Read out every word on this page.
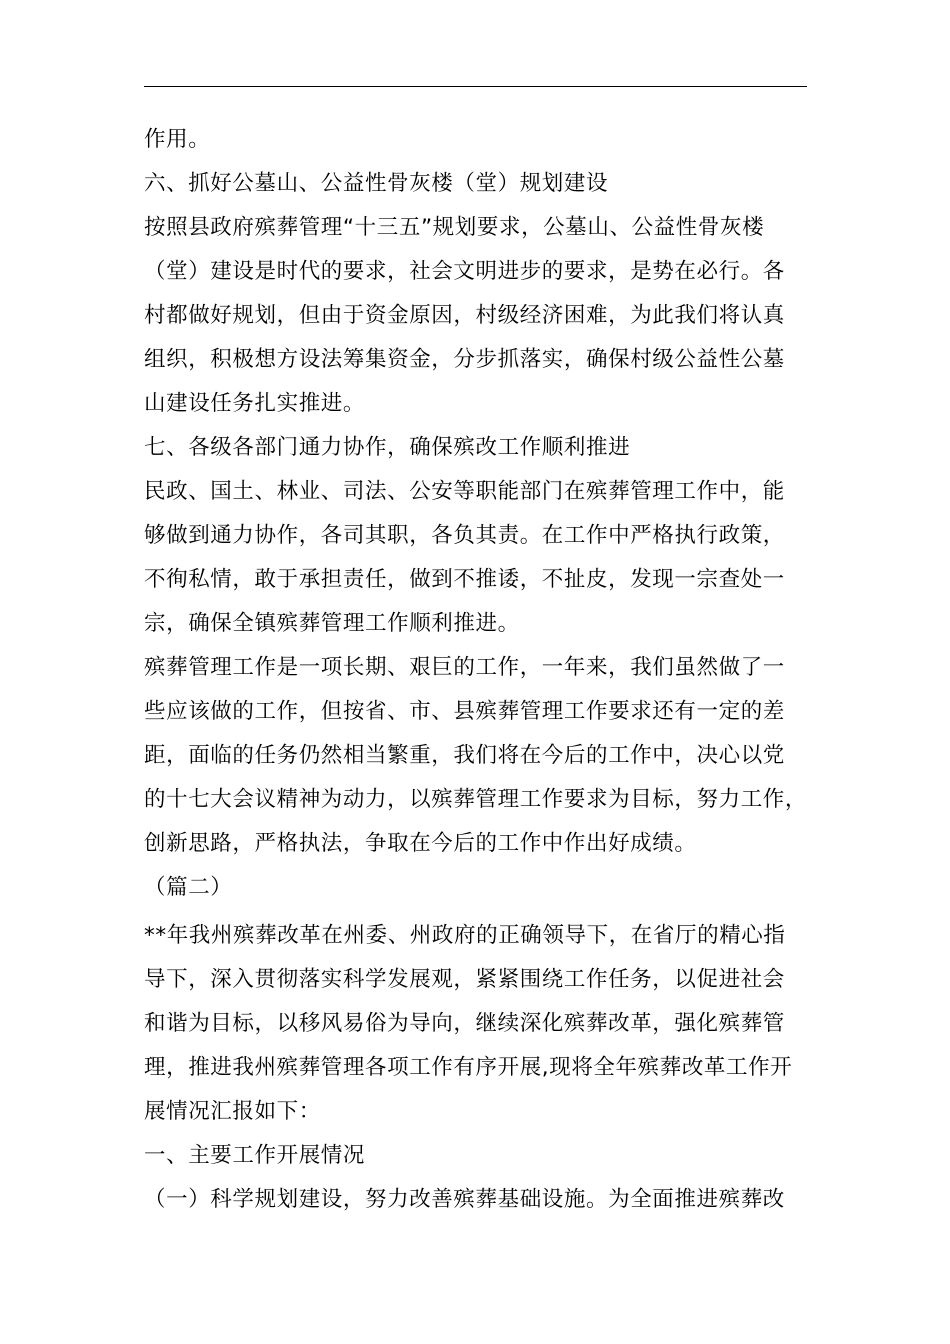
作用。
六、抓好公墓山、公益性骨灰楼（堂）规划建设
按照县政府殡葬管理“十三五”规划要求，公墓山、公益性骨灰楼
（堂）建设是时代的要求，社会文明进步的要求，是势在必行。各
村都做好规划，但由于资金原因，村级经济困难，为此我们将认真
组织，积极想方设法筹集资金，分步抓落实，确保村级公益性公墓
山建设任务扎实推进。
七、各级各部门通力协作，确保殡改工作顺利推进
民政、国土、林业、司法、公安等职能部门在殡葬管理工作中，能
够做到通力协作，各司其职，各负其责。在工作中严格执行政策，
不徇私情，敢于承担责任，做到不推诿，不扯皮，发现一宗查处一
宗，确保全镇殡葬管理工作顺利推进。
殡葬管理工作是一项长期、艰巨的工作，一年来，我们虽然做了一
些应该做的工作，但按省、市、县殡葬管理工作要求还有一定的差
距，面临的任务仍然相当繁重，我们将在今后的工作中，决心以党
的十七大会议精神为动力，以殡葬管理工作要求为目标，努力工作，
创新思路，严格执法，争取在今后的工作中作出好成绩。
（篇二）
**年我州殡葬改革在州委、州政府的正确领导下，在省厅的精心指
导下，深入贯彻落实科学发展观，紧紧围绕工作任务，以促进社会
和谐为目标，以移风易俗为导向，继续深化殡葬改革，强化殡葬管
理，推进我州殡葬管理各项工作有序开展,现将全年殡葬改革工作开
展情况汇报如下：
一、主要工作开展情况
（一）科学规划建设，努力改善殡葬基础设施。为全面推进殡葬改
